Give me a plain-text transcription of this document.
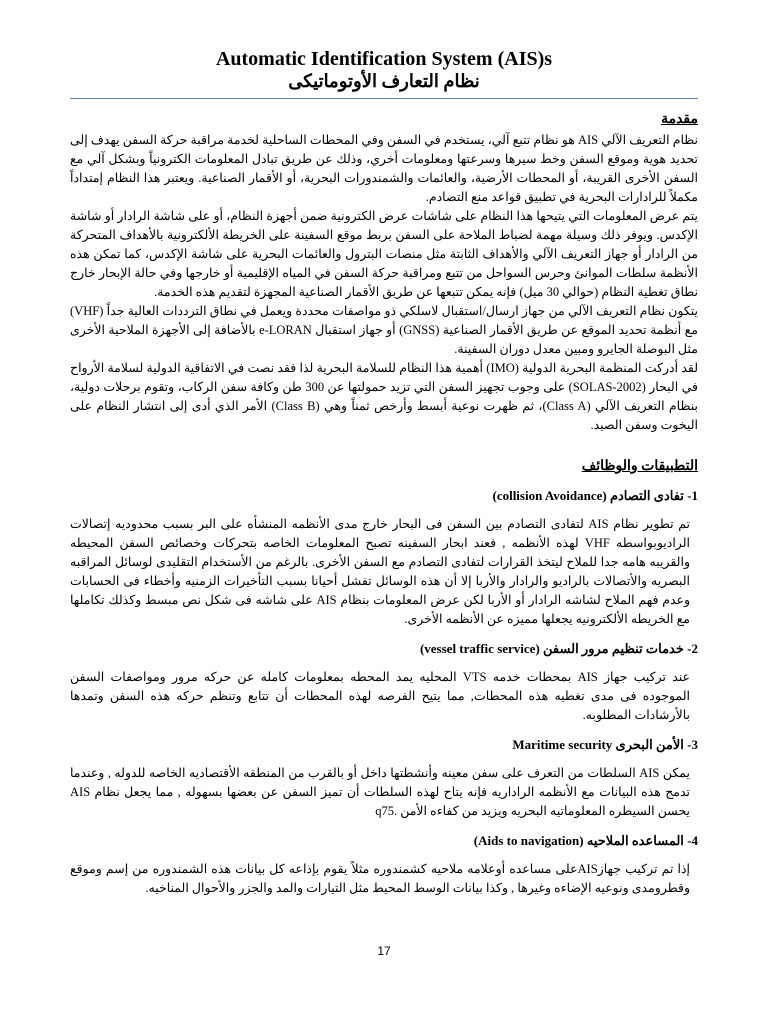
Automatic Identification System (AIS)s
نظام التعارف الأوتوماتيكى
مقدمة

نظام التعريف الآلي AIS هو نظام تتبع آلي، يستخدم في السفن وفي المحطات الساحلية لخدمة مراقبة حركة السفن يهدف إلى تحديد هوية وموقع السفن وخط سيرها وسرعتها ومعلومات أخري، وذلك عن طريق تبادل المعلومات الكترونياً وبشكل آلي مع السفن الأخرى القريبة، أو المحطات الأرضية، والعائمات والشمندورات البحرية، أو الأقمار الصناعية. ويعتبر هذا النظام إمتداداً مكملاً للرادارات البحرية في تطبيق قواعد منع التصادم.

يتم عرض المعلومات التي يتيحها هذا النظام على شاشات عرض الكترونية ضمن أجهزة النظام، أو على شاشة الرادار أو شاشة الإكدس. ويوفر ذلك وسيلة مهمة لضباط الملاحة على السفن بربط موقع السفينة على الخريطة الألكترونية بالأهداف المتحركة من الرادار أو جهاز التعريف الآلي والأهداف الثابتة مثل منصات البترول والعائمات البحرية على شاشة الإكدس، كما تمكن هذه الأنظمة سلطات الموانئ وحرس السواحل من تتبع ومراقبة حركة السفن في المياه الإقليمية أو خارجها وفي حالة الإبحار خارج نطاق تغطية النظام (حوالي 30 ميل) فإنه يمكن تتبعها عن طريق الأقمار الصناعية المجهزة لتقديم هذه الخدمة.

يتكون نظام التعريف الآلي من جهاز ارسال/استقبال لاسلكي ذو مواصفات محددة ويعمل في نطاق الترددات العالية جداً (VHF) مع أنظمة تحديد الموقع عن طريق الأقمار الصناعية (GNSS) أو جهاز استقبال e-LORAN بالأضافة إلى الأجهزة الملاحية الأخرى مثل البوصلة الجايرو ومبين معدل دوران السفينة.

لقد أدركت المنظمة البحرية الدولية (IMO) أهمية هذا النظام للسلامة البحرية لذا فقد نصت في الاتفاقية الدولية لسلامة الأرواح في البحار (SOLAS-2002) على وجوب تجهيز السفن التي تزيد حمولتها عن 300 طن وكافة سفن الركاب، وتقوم برحلات دولية، بنظام التعريف الآلي (Class A)، ثم ظهرت نوعية أبسط وأرخص ثمناً وهي (Class B) الأمر الذي أدى إلى انتشار النظام على اليخوت وسفن الصيد.

التطبيقات والوظائف
1- تفادى التصادم (collision Avoidance)

تم تطوير نظام AIS لتفادى التصادم بين السفن فى البحار خارج مدى الأنظمه المنشأه على البر بسبب محدوديه إتصالات الراديوبواسطه VHF لهذه الأنظمه , فعند ابحار السفينه تصبح المعلومات الخاصه بتحركات وخصائص السفن المحيطه والقريبه هامه جدا للملاح ليتخذ القرارات لتفادى التصادم مع السفن الأخرى. بالرغم من الأستخدام التقليدى لوسائل المراقبه البصريه والأتصالات بالراديو والرادار والأربا إلا أن هذه الوسائل تفشل أحيانا بسبب التأخيرات الزمنيه وأخطاء فى الحسابات وعدم فهم الملاح لشاشه الرادار أو الأربا لكن عرض المعلومات بنظام AIS على شاشه فى شكل نص مبسط وكذلك تكاملها مع الخريطه الألكترونيه يجعلها مميزه عن الأنظمه الأخرى.

2- خدمات تنظيم مرور السفن (vessel traffic service)

عند تركيب جهاز AIS بمحطات خدمه VTS المحليه يمد المحطه بمعلومات كامله عن حركه مرور ومواصفات السفن الموجوده فى مدى تغطيه هذه المحطات, مما يتيح الفرصه لهذه المحطات أن تتابع وتنظم حركه هذه السفن وتمدها بالأرشادات المطلوبه.

3- الأمن البحرى Maritime security

يمكن AIS السلطات من التعرف على سفن معينه وأنشطتها داخل أو بالقرب من المنطقه الأقتصاديه الخاصه للدوله , وعندما تدمج هذه البيانات مع الأنظمه الراداريه فإنه يتاح لهذه السلطات أن تميز السفن عن بعضها بسهوله , مما يجعل نظام AIS يحسن السيطره المعلوماتيه البحريه ويزيد من كفاءه الأمن .q75

4- المساعده الملاحيه (Aids to navigation)

إذا تم تركيب جهازAISعلى مساعده أوعلامه ملاحيه كشمندوره مثلاً يقوم بإذاعه كل بيانات هذه الشمندوره من إسم وموقع وقطرومدى ونوعيه الإضاءه وغيرها , وكذا بيانات الوسط المحيط مثل التيارات والمد والجزر والأحوال المناخيه.

17
